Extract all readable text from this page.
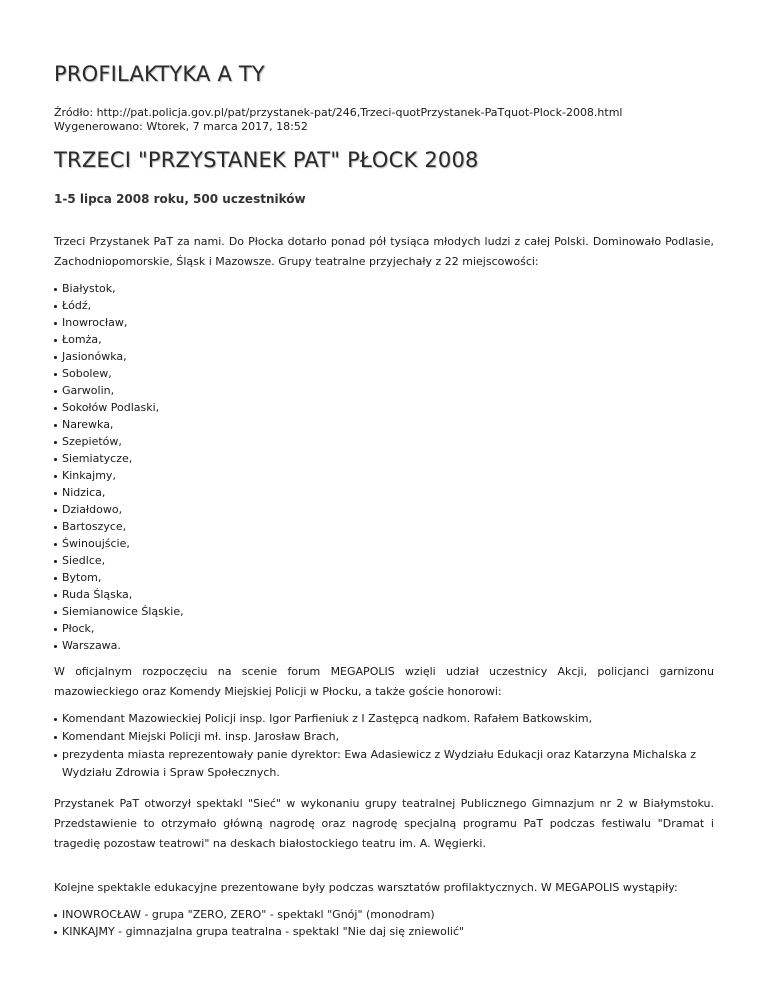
PROFILAKTYKA A TY
Źródło: http://pat.policja.gov.pl/pat/przystanek-pat/246,Trzeci-quotPrzystanek-PaTquot-Plock-2008.html
Wygenerowano: Wtorek, 7 marca 2017, 18:52
TRZECI "PRZYSTANEK PAT" PŁOCK 2008
1-5 lipca 2008 roku, 500 uczestników

Trzeci Przystanek PaT za nami. Do Płocka dotarło ponad pół tysiąca młodych ludzi z całej Polski. Dominowało Podlasie, Zachodniopomorskie, Śląsk i Mazowsze. Grupy teatralne przyjechały z 22 miejscowości:

Białystok,
Łódź,
Inowrocław,
Łomża,
Jasionówka,
Sobolew,
Garwolin,
Sokołów Podlaski,
Narewka,
Szepietów,
Siemiatycze,
Kinkajmy,
Nidzica,
Działdowo,
Bartoszyce,
Świnoujście,
Siedlce,
Bytom,
Ruda Śląska,
Siemianowice Śląskie,
Płock,
Warszawa.

W oficjalnym rozpoczęciu na scenie forum MEGAPOLIS wzięli udział uczestnicy Akcji, policjanci garnizonu mazowieckiego oraz Komendy Miejskiej Policji w Płocku, a także goście honorowi:

Komendant Mazowieckiej Policji insp. Igor Parfieniuk z I Zastępcą nadkom. Rafałem Batkowskim,
Komendant Miejski Policji mł. insp. Jarosław Brach,
prezydenta miasta reprezentowały panie dyrektor: Ewa Adasiewicz z Wydziału Edukacji oraz Katarzyna Michalska z Wydziału Zdrowia i Spraw Społecznych.

Przystanek PaT otworzył spektakl "Sieć" w wykonaniu grupy teatralnej Publicznego Gimnazjum nr 2 w Białymstoku. Przedstawienie to otrzymało główną nagrodę oraz nagrodę specjalną programu PaT podczas festiwalu "Dramat i tragedię pozostaw teatrowi" na deskach białostockiego teatru im. A. Węgierki.

Kolejne spektakle edukacyjne prezentowane były podczas warsztatów profilaktycznych. W MEGAPOLIS wystąpiły:

INOWROCŁAW - grupa "ZERO, ZERO" - spektakl "Gnój" (monodram)
KINKAJMY - gimnazjalna grupa teatralna - spektakl "Nie daj się zniewolić"
